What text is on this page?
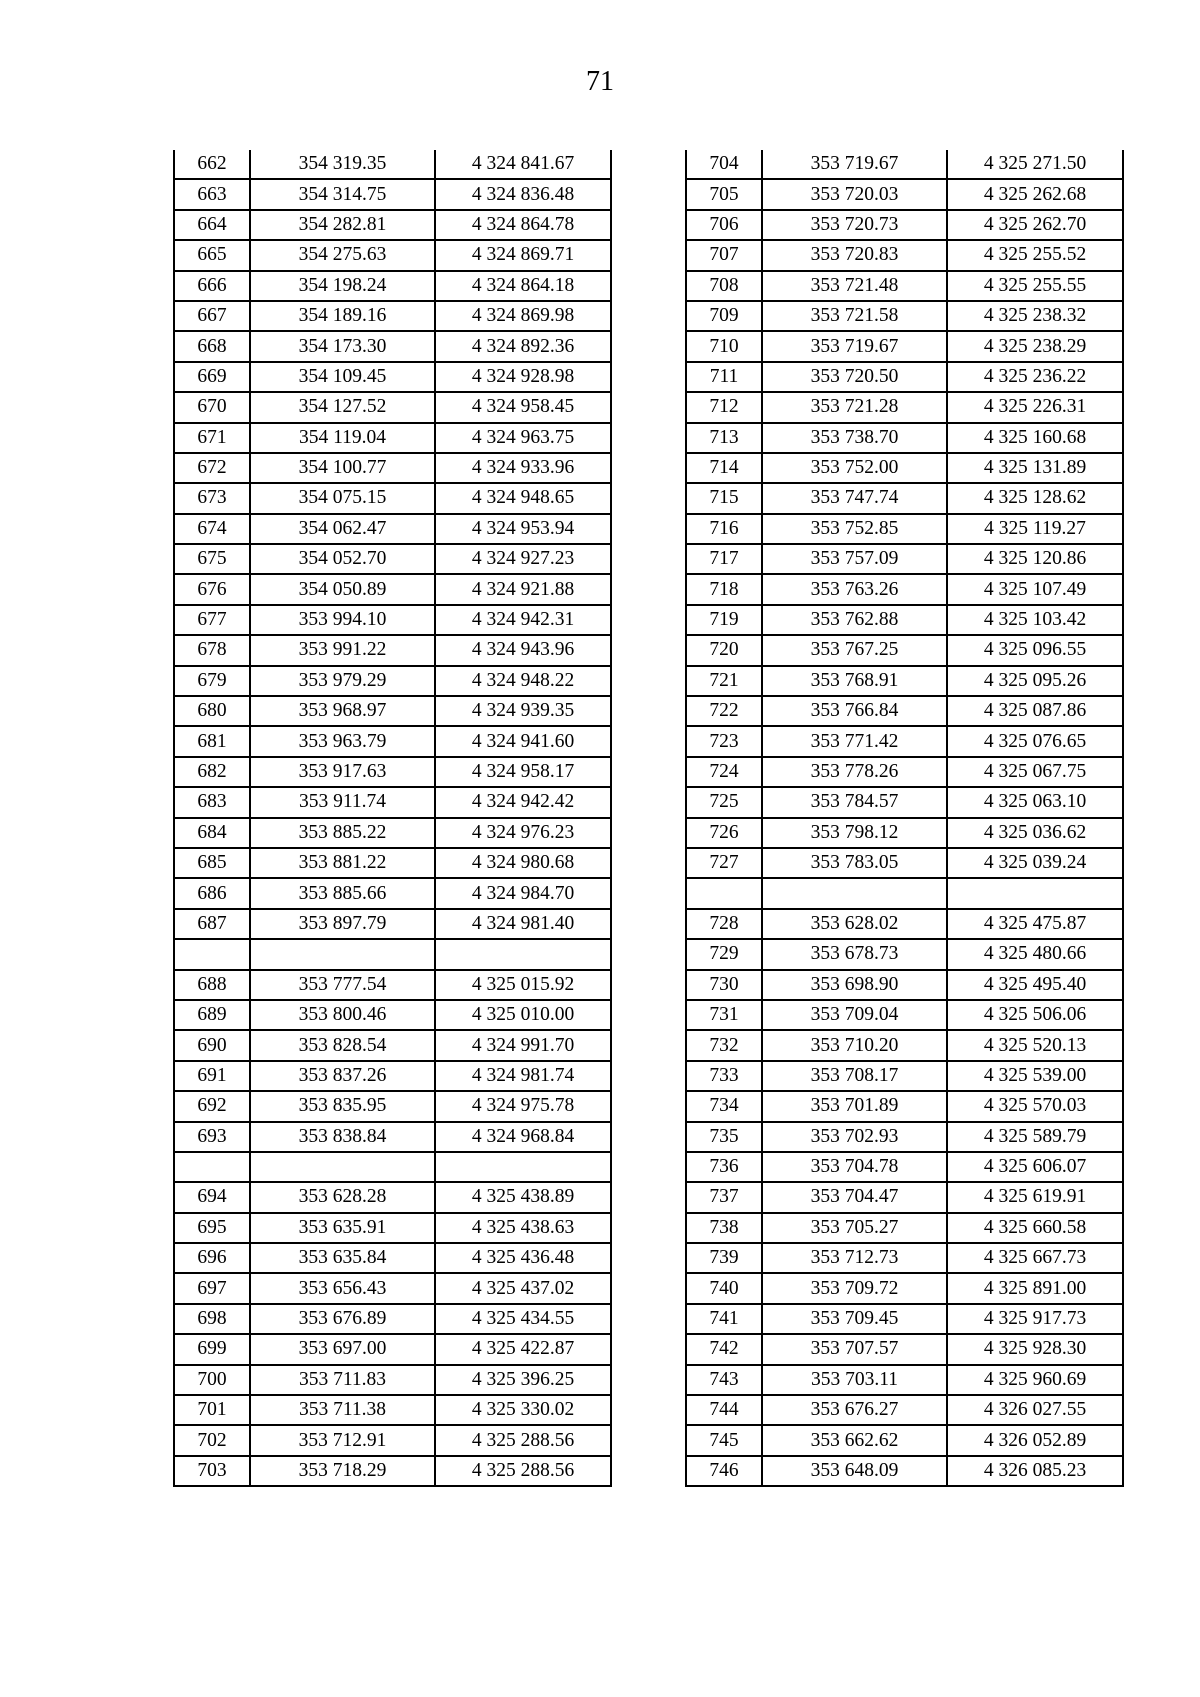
71
662	354 319.35	4 324 841.67
663	354 314.75	4 324 836.48
664	354 282.81	4 324 864.78
665	354 275.63	4 324 869.71
666	354 198.24	4 324 864.18
667	354 189.16	4 324 869.98
668	354 173.30	4 324 892.36
669	354 109.45	4 324 928.98
670	354 127.52	4 324 958.45
671	354 119.04	4 324 963.75
672	354 100.77	4 324 933.96
673	354 075.15	4 324 948.65
674	354 062.47	4 324 953.94
675	354 052.70	4 324 927.23
676	354 050.89	4 324 921.88
677	353 994.10	4 324 942.31
678	353 991.22	4 324 943.96
679	353 979.29	4 324 948.22
680	353 968.97	4 324 939.35
681	353 963.79	4 324 941.60
682	353 917.63	4 324 958.17
683	353 911.74	4 324 942.42
684	353 885.22	4 324 976.23
685	353 881.22	4 324 980.68
686	353 885.66	4 324 984.70
687	353 897.79	4 324 981.40

688	353 777.54	4 325 015.92
689	353 800.46	4 325 010.00
690	353 828.54	4 324 991.70
691	353 837.26	4 324 981.74
692	353 835.95	4 324 975.78
693	353 838.84	4 324 968.84

694	353 628.28	4 325 438.89
695	353 635.91	4 325 438.63
696	353 635.84	4 325 436.48
697	353 656.43	4 325 437.02
698	353 676.89	4 325 434.55
699	353 697.00	4 325 422.87
700	353 711.83	4 325 396.25
701	353 711.38	4 325 330.02
702	353 712.91	4 325 288.56
703	353 718.29	4 325 288.56
704	353 719.67	4 325 271.50
705	353 720.03	4 325 262.68
706	353 720.73	4 325 262.70
707	353 720.83	4 325 255.52
708	353 721.48	4 325 255.55
709	353 721.58	4 325 238.32
710	353 719.67	4 325 238.29
711	353 720.50	4 325 236.22
712	353 721.28	4 325 226.31
713	353 738.70	4 325 160.68
714	353 752.00	4 325 131.89
715	353 747.74	4 325 128.62
716	353 752.85	4 325 119.27
717	353 757.09	4 325 120.86
718	353 763.26	4 325 107.49
719	353 762.88	4 325 103.42
720	353 767.25	4 325 096.55
721	353 768.91	4 325 095.26
722	353 766.84	4 325 087.86
723	353 771.42	4 325 076.65
724	353 778.26	4 325 067.75
725	353 784.57	4 325 063.10
726	353 798.12	4 325 036.62
727	353 783.05	4 325 039.24

728	353 628.02	4 325 475.87
729	353 678.73	4 325 480.66
730	353 698.90	4 325 495.40
731	353 709.04	4 325 506.06
732	353 710.20	4 325 520.13
733	353 708.17	4 325 539.00
734	353 701.89	4 325 570.03
735	353 702.93	4 325 589.79
736	353 704.78	4 325 606.07
737	353 704.47	4 325 619.91
738	353 705.27	4 325 660.58
739	353 712.73	4 325 667.73
740	353 709.72	4 325 891.00
741	353 709.45	4 325 917.73
742	353 707.57	4 325 928.30
743	353 703.11	4 325 960.69
744	353 676.27	4 326 027.55
745	353 662.62	4 326 052.89
746	353 648.09	4 326 085.23
